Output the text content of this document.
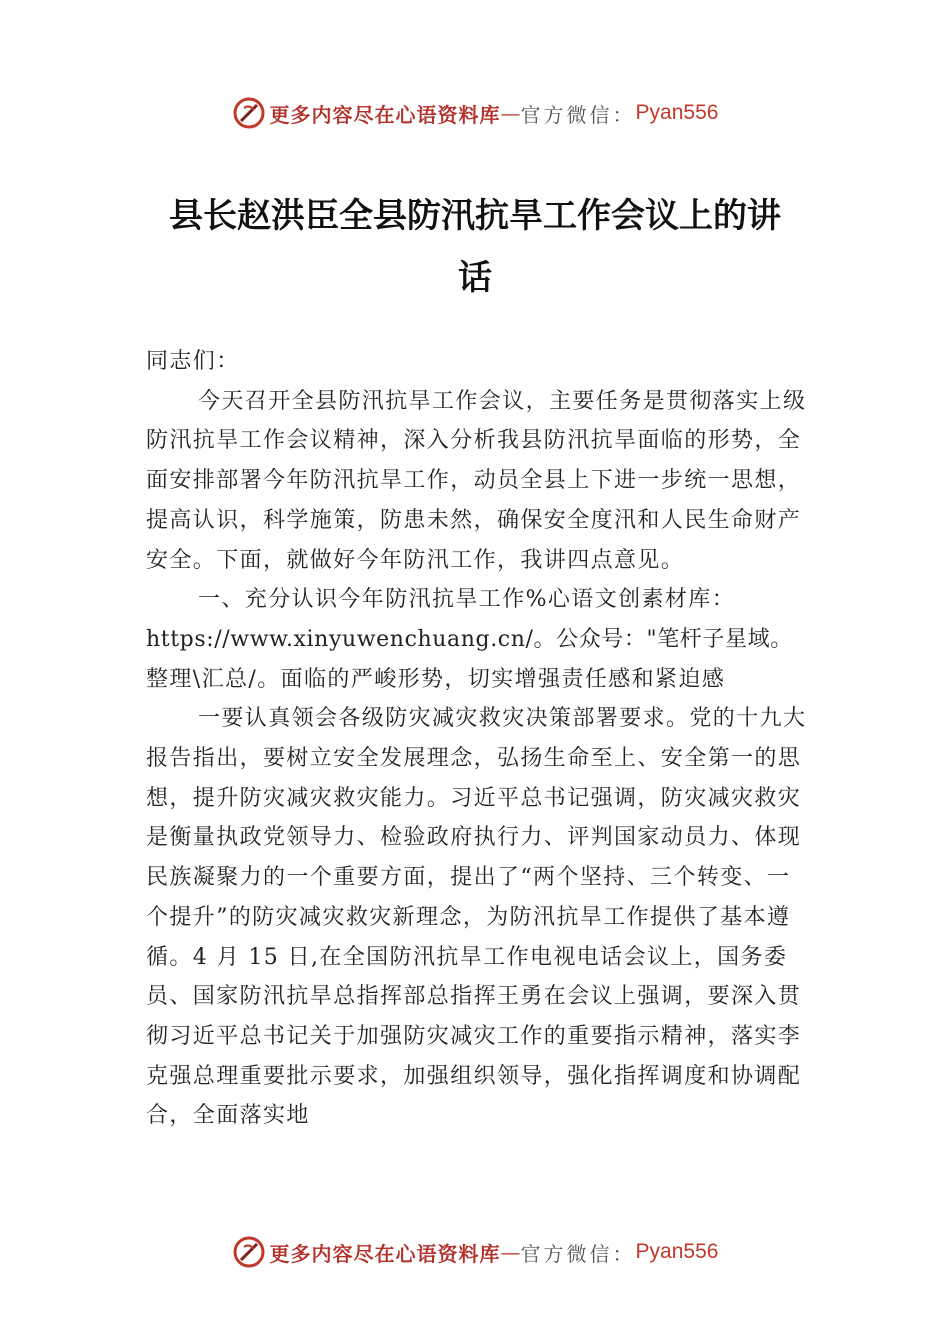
更多内容尽在心语资料库 — 官方微信： Pyan556
县长赵洪臣全县防汛抗旱工作会议上的讲
话

同志们：

今天召开全县防汛抗旱工作会议，主要任务是贯彻落实上级防汛抗旱工作会议精神，深入分析我县防汛抗旱面临的形势，全面安排部署今年防汛抗旱工作，动员全县上下进一步统一思想，提高认识，科学施策，防患未然，确保安全度汛和人民生命财产安全。下面，就做好今年防汛工作，我讲四点意见。

一、充分认识今年防汛抗旱工作%心语文创素材库：

https://www.xinyuwenchuang.cn/。公众号："笔杆子星域。

整理\汇总/。面临的严峻形势，切实增强责任感和紧迫感

一要认真领会各级防灾减灾救灾决策部署要求。党的十九大报告指出，要树立安全发展理念，弘扬生命至上、安全第一的思想，提升防灾减灾救灾能力。习近平总书记强调，防灾减灾救灾是衡量执政党领导力、检验政府执行力、评判国家动员力、体现民族凝聚力的一个重要方面，提出了“两个坚持、三个转变、一个提升”的防灾减灾救灾新理念，为防汛抗旱工作提供了基本遵循。4 月 15 日,在全国防汛抗旱工作电视电话会议上，国务委员、国家防汛抗旱总指挥部总指挥王勇在会议上强调，要深入贯彻习近平总书记关于加强防灾减灾工作的重要指示精神，落实李克强总理重要批示要求，加强组织领导，强化指挥调度和协调配合，全面落实地

更多内容尽在心语资料库 — 官方微信： Pyan556
